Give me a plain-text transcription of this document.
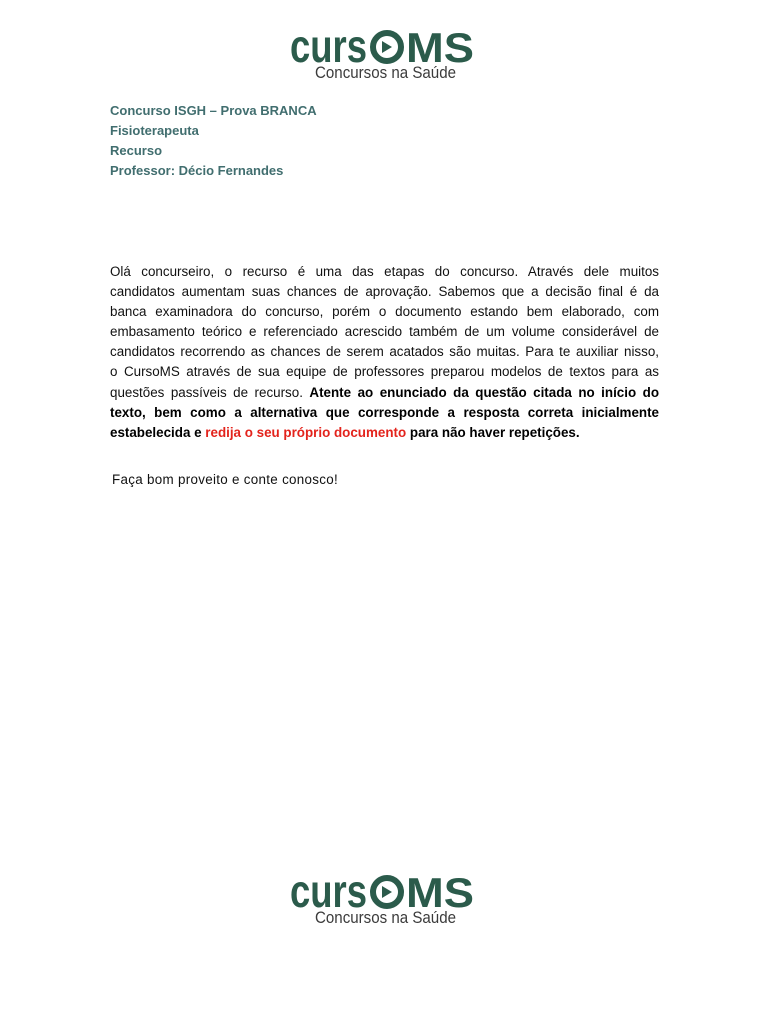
curs MS
Concursos na Saúde
Concurso ISGH – Prova BRANCA
Fisioterapeuta
Recurso
Professor: Décio Fernandes
Olá concurseiro, o recurso é uma das etapas do concurso. Através dele muitos
candidatos aumentam suas chances de aprovação. Sabemos que a decisão final é da
banca examinadora do concurso, porém o documento estando bem elaborado, com
embasamento teórico e referenciado acrescido também de um volume considerável de
candidatos recorrendo as chances de serem acatados são muitas. Para te auxiliar nisso,
o CursoMS através de sua equipe de professores preparou modelos de textos para as
questões passíveis de recurso. Atente ao enunciado da questão citada no início do
texto, bem como a alternativa que corresponde a resposta correta inicialmente
estabelecida e redija o seu próprio documento para não haver repetições.
Faça bom proveito e conte conosco!
curs MS
Concursos na Saúde
